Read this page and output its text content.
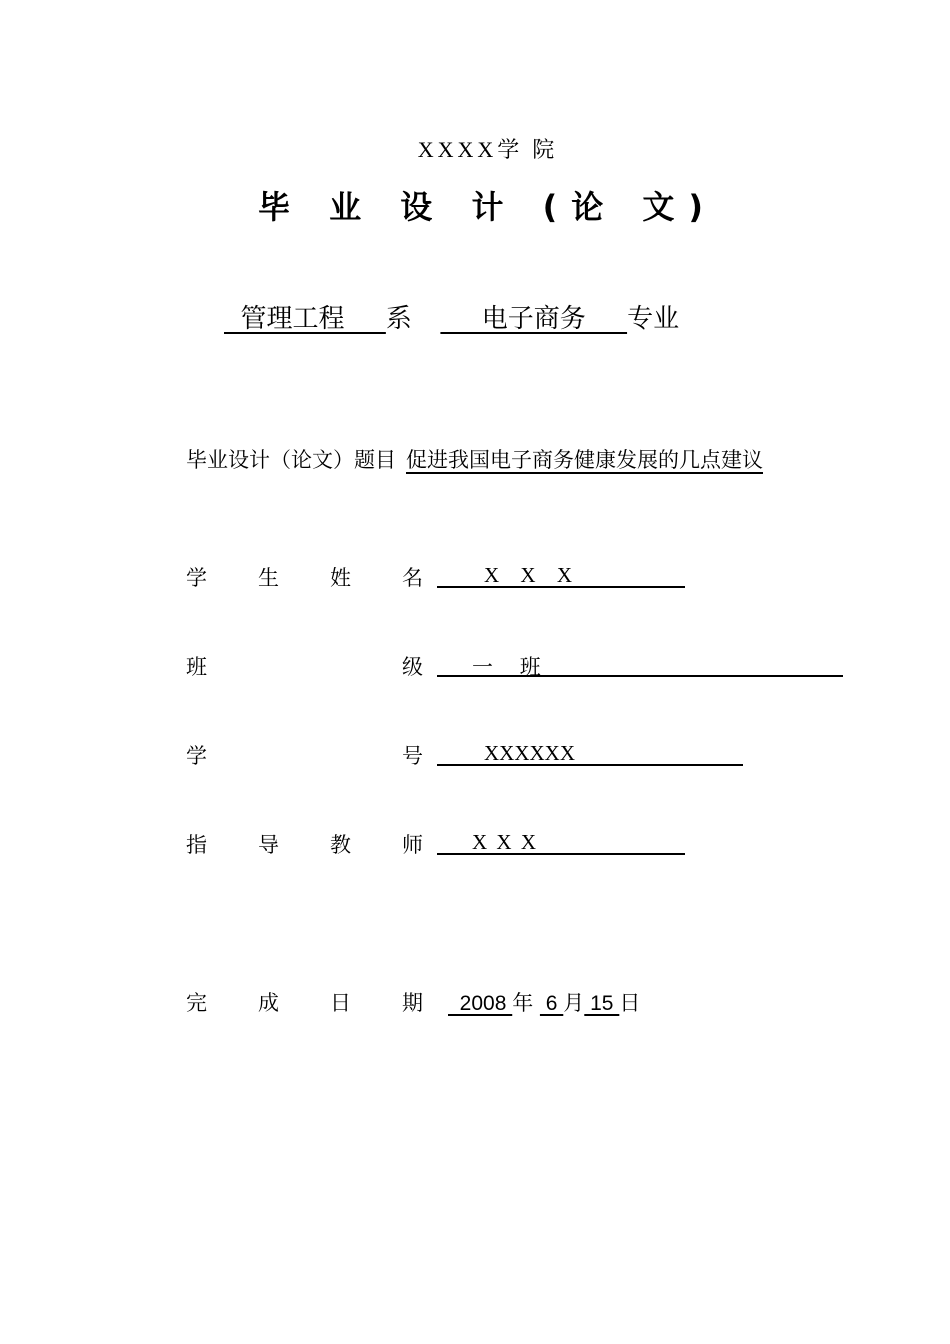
XXXX学 院
毕 业 设 计 (论 文)
管理工程     系       电子商务     专业
毕业设计（论文）题目 促进我国电子商务健康发展的几点建议
学 生 姓 名	X X X
班	级 一    班
学	号	XXXXXX
指 导 教 师 X X X
完 成 日 期 2008 年  6 月 15 日
